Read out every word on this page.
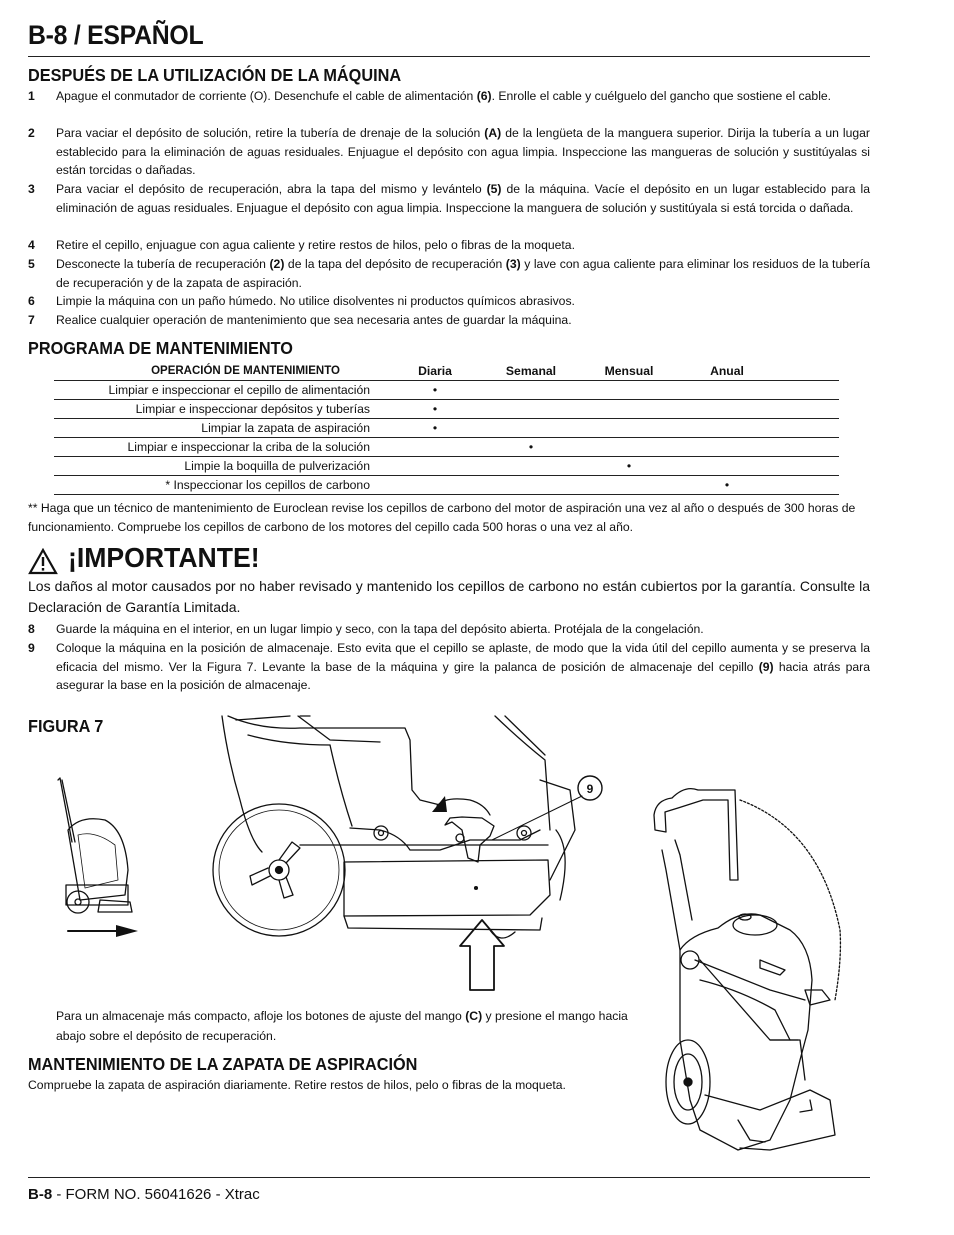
B-8 / ESPAÑOL
DESPUÉS DE LA UTILIZACIÓN DE LA MÁQUINA
1 Apague el conmutador de corriente (O). Desenchufe el cable de alimentación (6). Enrolle el cable y cuélguelo del gancho que sostiene el cable.
2 Para vaciar el depósito de solución, retire la tubería de drenaje de la solución (A) de la lengüeta de la manguera superior. Dirija la tubería a un lugar establecido para la eliminación de aguas residuales. Enjuague el depósito con agua limpia. Inspeccione las mangueras de solución y sustitúyalas si están torcidas o dañadas.
3 Para vaciar el depósito de recuperación, abra la tapa del mismo y levántelo (5) de la máquina. Vacíe el depósito en un lugar establecido para la eliminación de aguas residuales. Enjuague el depósito con agua limpia. Inspeccione la manguera de solución y sustitúyala si está torcida o dañada.
4 Retire el cepillo, enjuague con agua caliente y retire restos de hilos, pelo o fibras de la moqueta.
5 Desconecte la tubería de recuperación (2) de la tapa del depósito de recuperación (3) y lave con agua caliente para eliminar los residuos de la tubería de recuperación y de la zapata de aspiración.
6 Limpie la máquina con un paño húmedo. No utilice disolventes ni productos químicos abrasivos.
7 Realice cualquier operación de mantenimiento que sea necesaria antes de guardar la máquina.
PROGRAMA DE MANTENIMIENTO
OPERACIÓN DE MANTENIMIENTO	Diaria	Semanal	Mensual	Anual	
Limpiar e inspeccionar el cepillo de alimentación	•				
Limpiar e inspeccionar depósitos y tuberías	•				
Limpiar la zapata de aspiración	•				
Limpiar e inspeccionar la criba de la solución		•			
Limpie la boquilla de pulverización			•		
* Inspeccionar los cepillos de carbono				•	
** Haga que un técnico de mantenimiento de Euroclean revise los cepillos de carbono del motor de aspiración una vez al año o después de 300 horas de funcionamiento. Compruebe los cepillos de carbono de los motores del cepillo cada 500 horas o una vez al año.
¡IMPORTANTE!
Los daños al motor causados por no haber revisado y mantenido los cepillos de carbono no están cubiertos por la garantía. Consulte la Declaración de Garantía Limitada.
8 Guarde la máquina en el interior, en un lugar limpio y seco, con la tapa del depósito abierta. Protéjala de la congelación.
9 Coloque la máquina en la posición de almacenaje. Esto evita que el cepillo se aplaste, de modo que la vida útil del cepillo aumenta y se preserva la eficacia del mismo. Ver la Figura 7. Levante la base de la máquina y gire la palanca de posición de almacenaje del cepillo (9) hacia atrás para asegurar la base en la posición de almacenaje.
FIGURA 7
9
Para un almacenaje más compacto, afloje los botones de ajuste del mango (C) y presione el mango hacia abajo sobre el depósito de recuperación.
MANTENIMIENTO DE LA ZAPATA DE ASPIRACIÓN
Compruebe la zapata de aspiración diariamente. Retire restos de hilos, pelo o fibras de la moqueta.
B-8 - FORM NO. 56041626 - Xtrac
